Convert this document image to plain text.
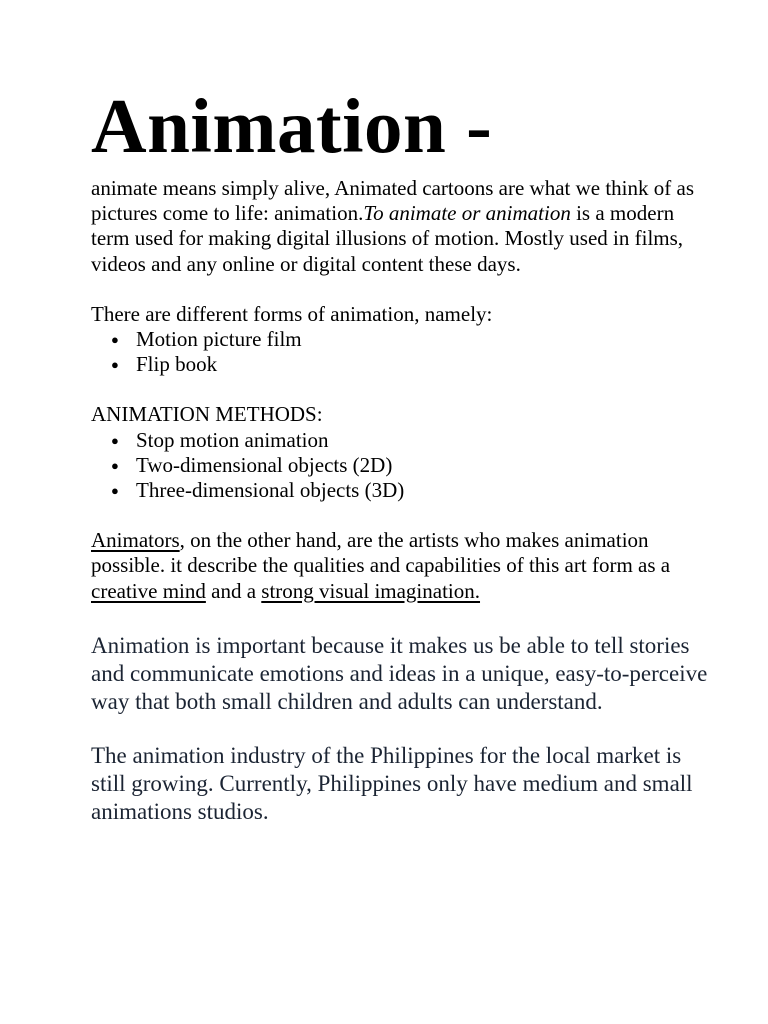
Animation -

animate means simply alive, Animated cartoons are what we think of as pictures come to life: animation.To animate or animation is a modern term used for making digital illusions of motion. Mostly used in films, videos and any online or digital content these days.

There are different forms of animation, namely:

● Motion picture film
● Flip book

ANIMATION METHODS:

● Stop motion animation
● Two-dimensional objects (2D)
● Three-dimensional objects (3D)

Animators, on the other hand, are the artists who makes animation possible. it describe the qualities and capabilities of this art form as a creative mind and a strong visual imagination.

Animation is important because it makes us be able to tell stories and communicate emotions and ideas in a unique, easy-to-perceive way that both small children and adults can understand.

The animation industry of the Philippines for the local market is still growing. Currently, Philippines only have medium and small animations studios.
